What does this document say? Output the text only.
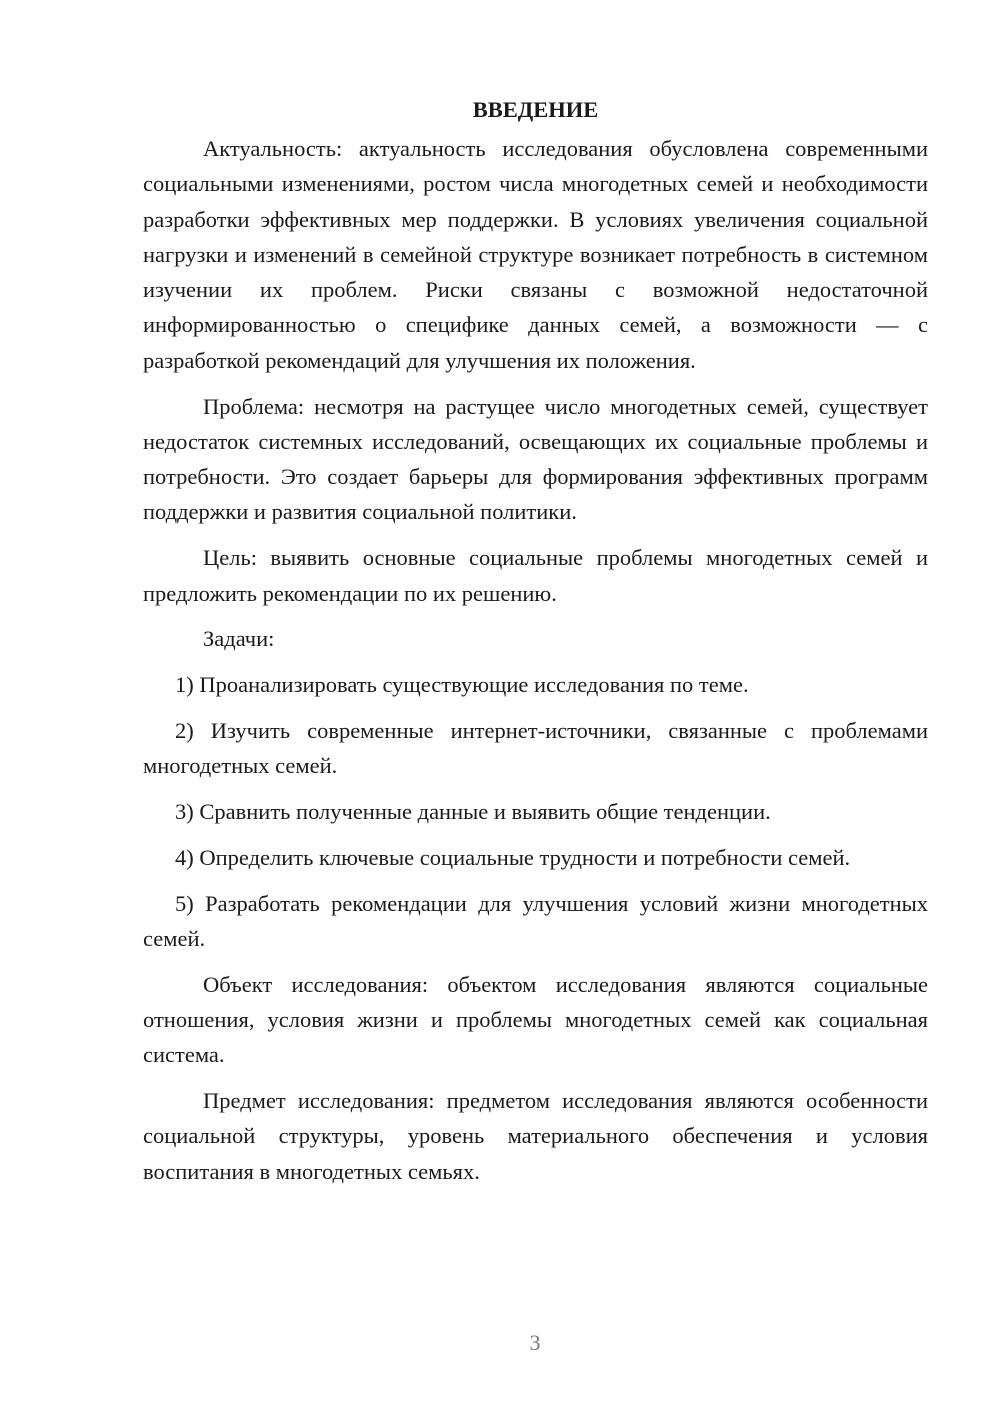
ВВЕДЕНИЕ

Актуальность: актуальность исследования обусловлена современными социальными изменениями, ростом числа многодетных семей и необходимости разработки эффективных мер поддержки. В условиях увеличения социальной нагрузки и изменений в семейной структуре возникает потребность в системном изучении их проблем. Риски связаны с возможной недостаточной информированностью о специфике данных семей, а возможности — с разработкой рекомендаций для улучшения их положения.

Проблема: несмотря на растущее число многодетных семей, существует недостаток системных исследований, освещающих их социальные проблемы и потребности. Это создает барьеры для формирования эффективных программ поддержки и развития социальной политики.

Цель: выявить основные социальные проблемы многодетных семей и предложить рекомендации по их решению.

Задачи:

1) Проанализировать существующие исследования по теме.

2) Изучить современные интернет-источники, связанные с проблемами многодетных семей.

3) Сравнить полученные данные и выявить общие тенденции.

4) Определить ключевые социальные трудности и потребности семей.

5) Разработать рекомендации для улучшения условий жизни многодетных семей.

Объект исследования: объектом исследования являются социальные отношения, условия жизни и проблемы многодетных семей как социальная система.

Предмет исследования: предметом исследования являются особенности социальной структуры, уровень материального обеспечения и условия воспитания в многодетных семьях.

3
